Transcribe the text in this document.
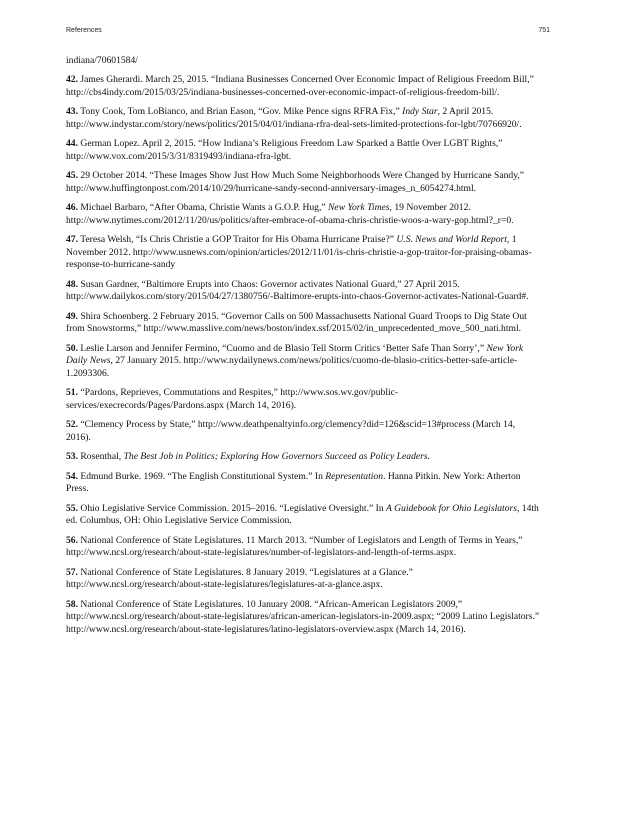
References	751

indiana/70601584/

42. James Gherardi. March 25, 2015. “Indiana Businesses Concerned Over Economic Impact of Religious Freedom Bill,” http://cbs4indy.com/2015/03/25/indiana-businesses-concerned-over-economic-impact-of-religious-freedom-bill/.

43. Tony Cook, Tom LoBianco, and Brian Eason, “Gov. Mike Pence signs RFRA Fix,” Indy Star, 2 April 2015. http://www.indystar.com/story/news/politics/2015/04/01/indiana-rfra-deal-sets-limited-protections-for-lgbt/70766920/.

44. German Lopez. April 2, 2015. “How Indiana’s Religious Freedom Law Sparked a Battle Over LGBT Rights,” http://www.vox.com/2015/3/31/8319493/indiana-rfra-lgbt.

45. 29 October 2014. “These Images Show Just How Much Some Neighborhoods Were Changed by Hurricane Sandy,” http://www.huffingtonpost.com/2014/10/29/hurricane-sandy-second-anniversary-images_n_6054274.html.

46. Michael Barbaro, “After Obama, Christie Wants a G.O.P. Hug,” New York Times, 19 November 2012. http://www.nytimes.com/2012/11/20/us/politics/after-embrace-of-obama-chris-christie-woos-a-wary-gop.html?_r=0.

47. Teresa Welsh, “Is Chris Christie a GOP Traitor for His Obama Hurricane Praise?” U.S. News and World Report, 1 November 2012. http://www.usnews.com/opinion/articles/2012/11/01/is-chris-christie-a-gop-traitor-for-praising-obamas-response-to-hurricane-sandy

48. Susan Gardner, “Baltimore Erupts into Chaos: Governor activates National Guard,” 27 April 2015. http://www.dailykos.com/story/2015/04/27/1380756/-Baltimore-erupts-into-chaos-Governor-activates-National-Guard#.

49. Shira Schoenberg. 2 February 2015. “Governor Calls on 500 Massachusetts National Guard Troops to Dig State Out from Snowstorms,” http://www.masslive.com/news/boston/index.ssf/2015/02/in_unprecedented_move_500_nati.html.

50. Leslie Larson and Jennifer Fermino, “Cuomo and de Blasio Tell Storm Critics ‘Better Safe Than Sorry’,” New York Daily News, 27 January 2015. http://www.nydailynews.com/news/politics/cuomo-de-blasio-critics-better-safe-article-1.2093306.

51. “Pardons, Reprieves, Commutations and Respites,” http://www.sos.wv.gov/public-services/execrecords/Pages/Pardons.aspx (March 14, 2016).

52. “Clemency Process by State,” http://www.deathpenaltyinfo.org/clemency?did=126&scid=13#process (March 14, 2016).

53. Rosenthal, The Best Job in Politics; Exploring How Governors Succeed as Policy Leaders.

54. Edmund Burke. 1969. “The English Constitutional System.” In Representation. Hanna Pitkin. New York: Atherton Press.

55. Ohio Legislative Service Commission. 2015–2016. “Legislative Oversight.” In A Guidebook for Ohio Legislators, 14th ed. Columbus, OH: Ohio Legislative Service Commission.

56. National Conference of State Legislatures. 11 March 2013. “Number of Legislators and Length of Terms in Years,” http://www.ncsl.org/research/about-state-legislatures/number-of-legislators-and-length-of-terms.aspx.

57. National Conference of State Legislatures. 8 January 2019. “Legislatures at a Glance.” http://www.ncsl.org/research/about-state-legislatures/legislatures-at-a-glance.aspx.

58. National Conference of State Legislatures. 10 January 2008. “African-American Legislators 2009,” http://www.ncsl.org/research/about-state-legislatures/african-american-legislators-in-2009.aspx; “2009 Latino Legislators.” http://www.ncsl.org/research/about-state-legislatures/latino-legislators-overview.aspx (March 14, 2016).
